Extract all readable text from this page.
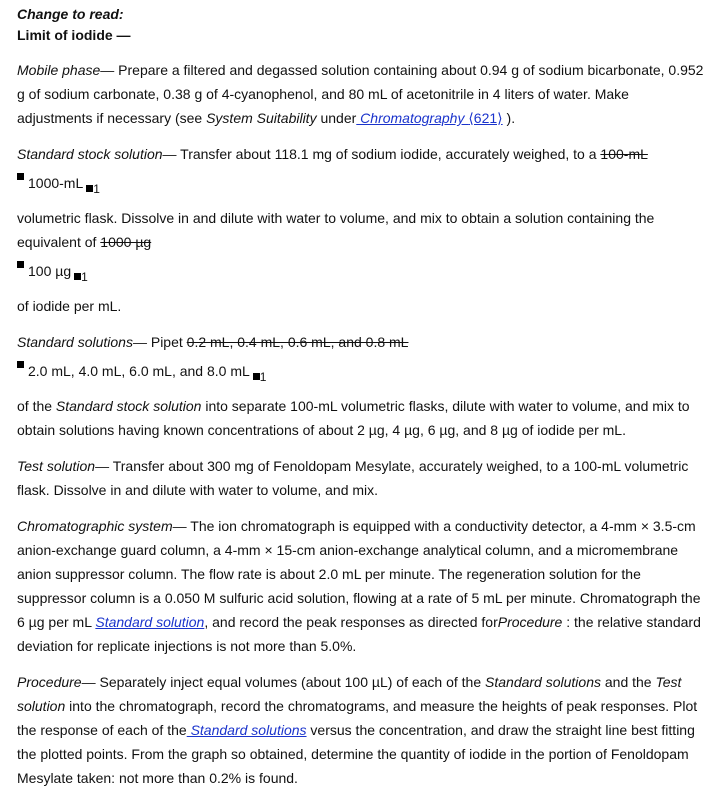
Change to read:
Limit of iodide —

Mobile phase— Prepare a filtered and degassed solution containing about 0.94 g of sodium bicarbonate, 0.952 g of sodium carbonate, 0.38 g of 4-cyanophenol, and 80 mL of acetonitrile in 4 liters of water. Make adjustments if necessary (see System Suitability under Chromatography ⟨621⟩ ).

Standard stock solution— Transfer about 118.1 mg of sodium iodide, accurately weighed, to a 100-mL
1000-mL 1
volumetric flask. Dissolve in and dilute with water to volume, and mix to obtain a solution containing the equivalent of 1000 µg
100 µg 1
of iodide per mL.

Standard solutions— Pipet 0.2 mL, 0.4 mL, 0.6 mL, and 0.8 mL
2.0 mL, 4.0 mL, 6.0 mL, and 8.0 mL 1
of the Standard stock solution into separate 100-mL volumetric flasks, dilute with water to volume, and mix to obtain solutions having known concentrations of about 2 µg, 4 µg, 6 µg, and 8 µg of iodide per mL.

Test solution— Transfer about 300 mg of Fenoldopam Mesylate, accurately weighed, to a 100-mL volumetric flask. Dissolve in and dilute with water to volume, and mix.

Chromatographic system— The ion chromatograph is equipped with a conductivity detector, a 4-mm × 3.5-cm anion-exchange guard column, a 4-mm × 15-cm anion-exchange analytical column, and a micromembrane anion suppressor column. The flow rate is about 2.0 mL per minute. The regeneration solution for the suppressor column is a 0.050 M sulfuric acid solution, flowing at a rate of 5 mL per minute. Chromatograph the 6 µg per mL Standard solution, and record the peak responses as directed forProcedure : the relative standard deviation for replicate injections is not more than 5.0%.

Procedure— Separately inject equal volumes (about 100 µL) of each of the Standard solutions and the Test solution into the chromatograph, record the chromatograms, and measure the heights of peak responses. Plot the response of each of the Standard solutions versus the concentration, and draw the straight line best fitting the plotted points. From the graph so obtained, determine the quantity of iodide in the portion of Fenoldopam Mesylate taken: not more than 0.2% is found.
